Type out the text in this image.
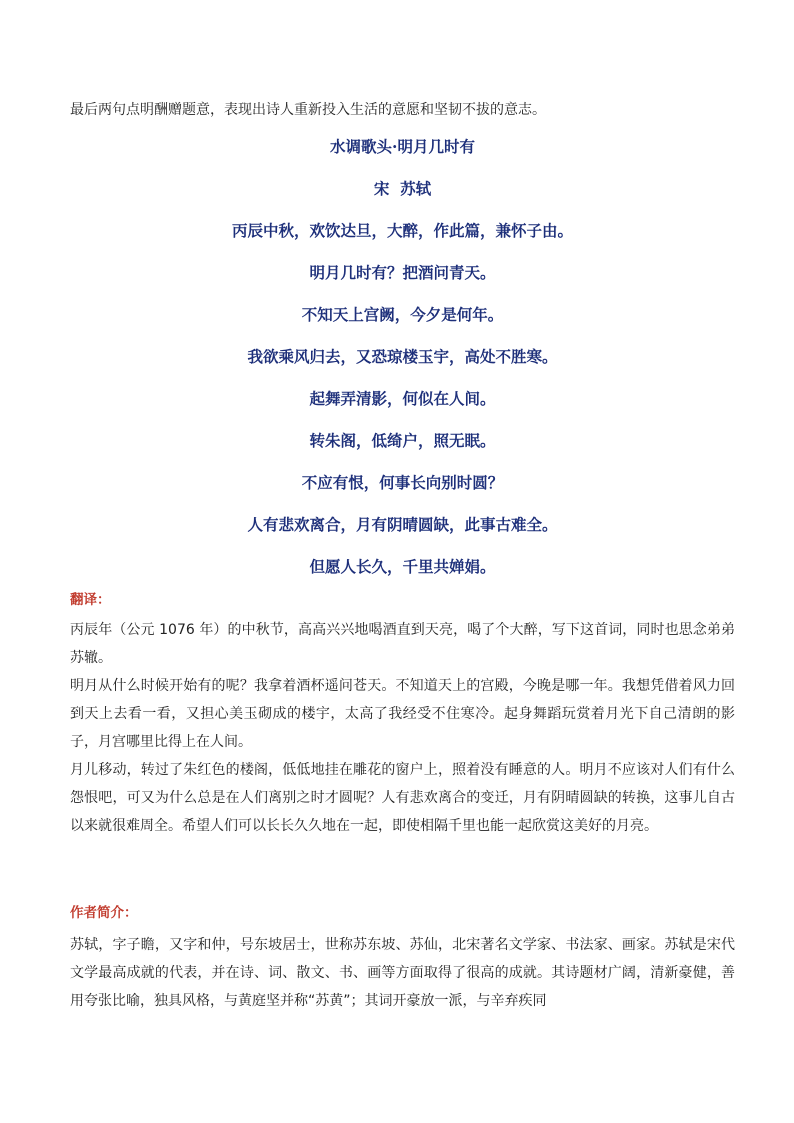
最后两句点明酬赠题意，表现出诗人重新投入生活的意愿和坚韧不拔的意志。
水调歌头·明月几时有
宋  苏轼
丙辰中秋，欢饮达旦，大醉，作此篇，兼怀子由。
明月几时有？把酒问青天。
不知天上宫阙，今夕是何年。
我欲乘风归去，又恐琼楼玉宇，高处不胜寒。
起舞弄清影，何似在人间。
转朱阁，低绮户，照无眠。
不应有恨，何事长向别时圆？
人有悲欢离合，月有阴晴圆缺，此事古难全。
但愿人长久，千里共婵娟。
翻译：
丙辰年（公元 1076 年）的中秋节，高高兴兴地喝酒直到天亮，喝了个大醉，写下这首词，同时也思念弟弟苏辙。
明月从什么时候开始有的呢？我拿着酒杯遥问苍天。不知道天上的宫殿，今晚是哪一年。我想凭借着风力回到天上去看一看，又担心美玉砌成的楼宇，太高了我经受不住寒冷。起身舞蹈玩赏着月光下自己清朗的影子，月宫哪里比得上在人间。
月儿移动，转过了朱红色的楼阁，低低地挂在雕花的窗户上，照着没有睡意的人。明月不应该对人们有什么怨恨吧，可又为什么总是在人们离别之时才圆呢？人有悲欢离合的变迁，月有阴晴圆缺的转换，这事儿自古以来就很难周全。希望人们可以长长久久地在一起，即使相隔千里也能一起欣赏这美好的月亮。
作者简介：
苏轼，字子瞻，又字和仲，号东坡居士，世称苏东坡、苏仙，北宋著名文学家、书法家、画家。苏轼是宋代文学最高成就的代表，并在诗、词、散文、书、画等方面取得了很高的成就。其诗题材广阔，清新豪健，善用夸张比喻，独具风格，与黄庭坚并称“苏黄”；其词开豪放一派，与辛弃疾同
